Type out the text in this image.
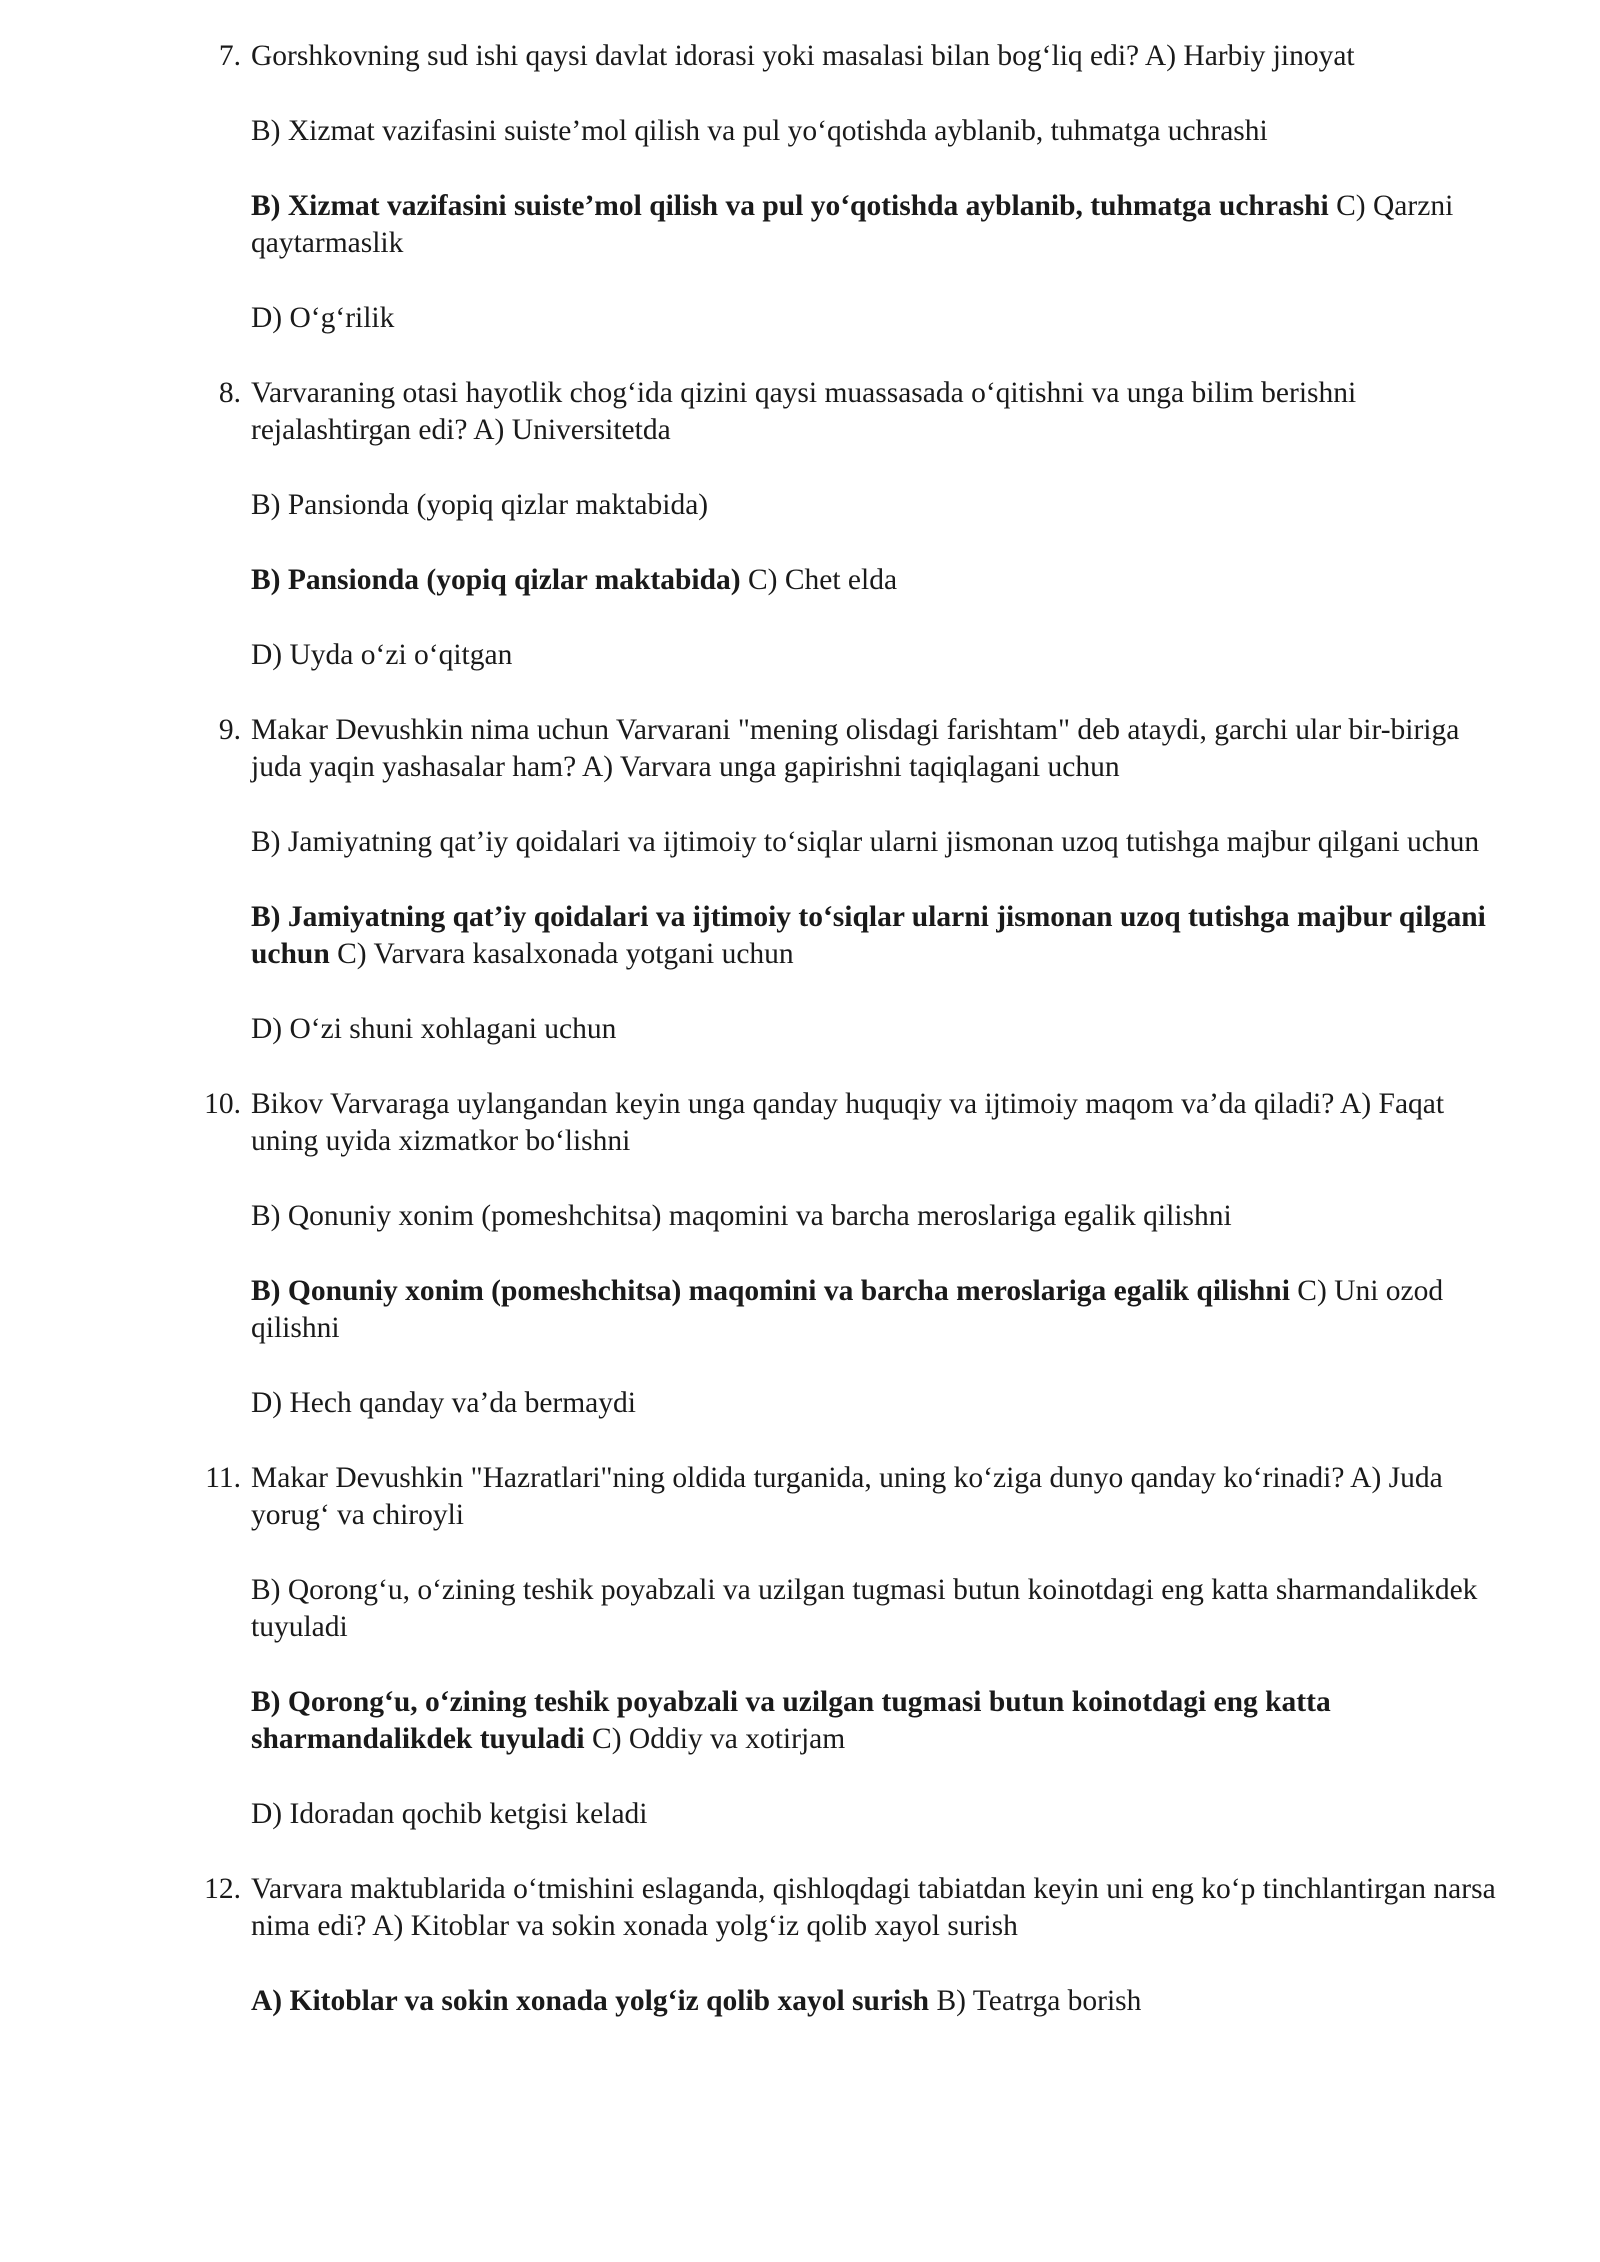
7. Gorshkovning sud ishi qaysi davlat idorasi yoki masalasi bilan bog‘liq edi? A) Harbiy jinoyat
B) Xizmat vazifasini suiste’mol qilish va pul yo‘qotishda ayblanib, tuhmatga uchrashi
B) Xizmat vazifasini suiste’mol qilish va pul yo‘qotishda ayblanib, tuhmatga uchrashi C) Qarzni qaytarmaslik
D) O‘g‘rilik
8. Varvaraning otasi hayotlik chog‘ida qizini qaysi muassasada o‘qitishni va unga bilim berishni rejalashtirgan edi? A) Universitetda
B) Pansionda (yopiq qizlar maktabida)
B) Pansionda (yopiq qizlar maktabida) C) Chet elda
D) Uyda o‘zi o‘qitgan
9. Makar Devushkin nima uchun Varvarani "mening olisdagi farishtam" deb ataydi, garchi ular bir-biriga juda yaqin yashasalar ham? A) Varvara unga gapirishni taqiqlagani uchun
B) Jamiyatning qat’iy qoidalari va ijtimoiy to‘siqlar ularni jismonan uzoq tutishga majbur qilgani uchun
B) Jamiyatning qat’iy qoidalari va ijtimoiy to‘siqlar ularni jismonan uzoq tutishga majbur qilgani uchun C) Varvara kasalxonada yotgani uchun
D) O‘zi shuni xohlagani uchun
10. Bikov Varvaraga uylangandan keyin unga qanday huquqiy va ijtimoiy maqom va’da qiladi? A) Faqat uning uyida xizmatkor bo‘lishni
B) Qonuniy xonim (pomeshchitsa) maqomini va barcha meroslariga egalik qilishni
B) Qonuniy xonim (pomeshchitsa) maqomini va barcha meroslariga egalik qilishni C) Uni ozod qilishni
D) Hech qanday va’da bermaydi
11. Makar Devushkin "Hazratlari"ning oldida turganida, uning ko‘ziga dunyo qanday ko‘rinadi? A) Juda yorug‘ va chiroyli
B) Qorong‘u, o‘zining teshik poyabzali va uzilgan tugmasi butun koinotdagi eng katta sharmandalikdek tuyuladi
B) Qorong‘u, o‘zining teshik poyabzali va uzilgan tugmasi butun koinotdagi eng katta sharmandalikdek tuyuladi C) Oddiy va xotirjam
D) Idoradan qochib ketgisi keladi
12. Varvara maktublarida o‘tmishini eslaganda, qishloqdagi tabiatdan keyin uni eng ko‘p tinchlantirgan narsa nima edi? A) Kitoblar va sokin xonada yolg‘iz qolib xayol surish
A) Kitoblar va sokin xonada yolg‘iz qolib xayol surish B) Teatrga borish
